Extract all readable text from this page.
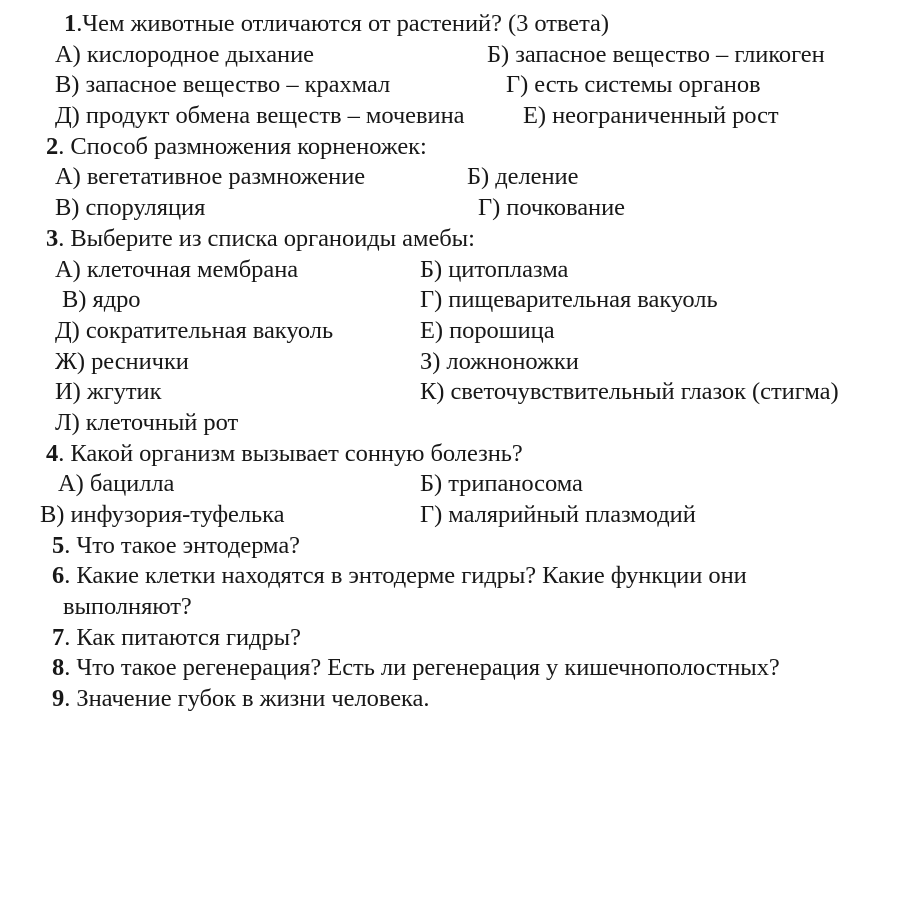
1.Чем животные отличаются от растений? (3 ответа)
А) кислородное дыхание	Б) запасное вещество – гликоген
В) запасное вещество – крахмал	Г) есть системы органов
Д) продукт обмена веществ – мочевина Е) неограниченный рост
2. Способ размножения корненожек:
А) вегетативное размножение	Б) деление
В) споруляция	Г) почкование
3. Выберите из списка органоиды амебы:
А) клеточная мембрана	Б) цитоплазма
В) ядро	Г) пищеварительная вакуоль
Д) сократительная вакуоль	Е) порошица
Ж) реснички	З) ложноножки
И) жгутик	К) светочувствительный глазок (стигма)
Л) клеточный рот
4. Какой организм вызывает сонную болезнь?
А) бацилла	Б) трипаносома
В) инфузория-туфелька	Г) малярийный плазмодий
5. Что такое энтодерма?
6. Какие клетки находятся в энтодерме гидры? Какие функции они
выполняют?
7. Как питаются гидры?
8. Что такое регенерация? Есть ли регенерация у кишечнополостных?
9. Значение губок в жизни человека.
